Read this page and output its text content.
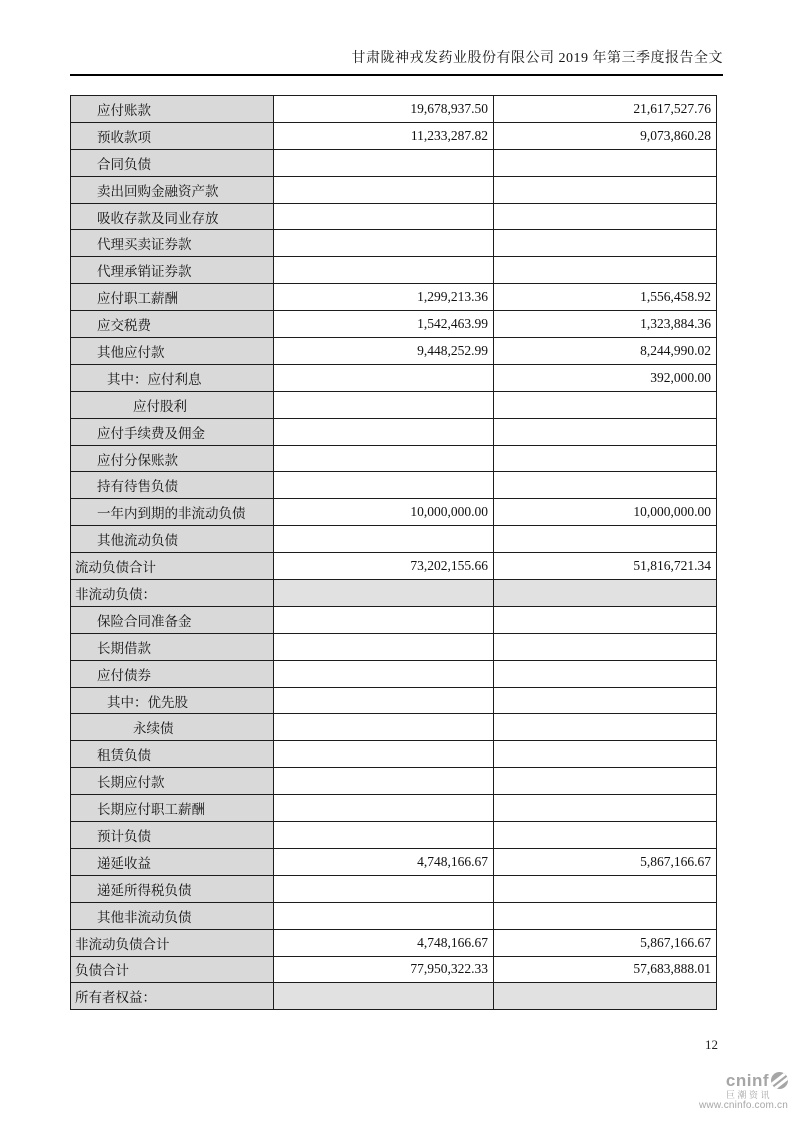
甘肃陇神戎发药业股份有限公司 2019 年第三季度报告全文
应付账款	19,678,937.50	21,617,527.76
预收款项	11,233,287.82	9,073,860.28
合同负债		
卖出回购金融资产款		
吸收存款及同业存放		
代理买卖证券款		
代理承销证券款		
应付职工薪酬	1,299,213.36	1,556,458.92
应交税费	1,542,463.99	1,323,884.36
其他应付款	9,448,252.99	8,244,990.02
其中：应付利息		392,000.00
应付股利		
应付手续费及佣金		
应付分保账款		
持有待售负债		
一年内到期的非流动负债	10,000,000.00	10,000,000.00
其他流动负债		
流动负债合计	73,202,155.66	51,816,721.34
非流动负债：		
保险合同准备金		
长期借款		
应付债券		
其中：优先股		
永续债		
租赁负债		
长期应付款		
长期应付职工薪酬		
预计负债		
递延收益	4,748,166.67	5,867,166.67
递延所得税负债		
其他非流动负债		
非流动负债合计	4,748,166.67	5,867,166.67
负债合计	77,950,322.33	57,683,888.01
所有者权益：		
12
cninf
巨潮资讯
www.cninfo.com.cn
